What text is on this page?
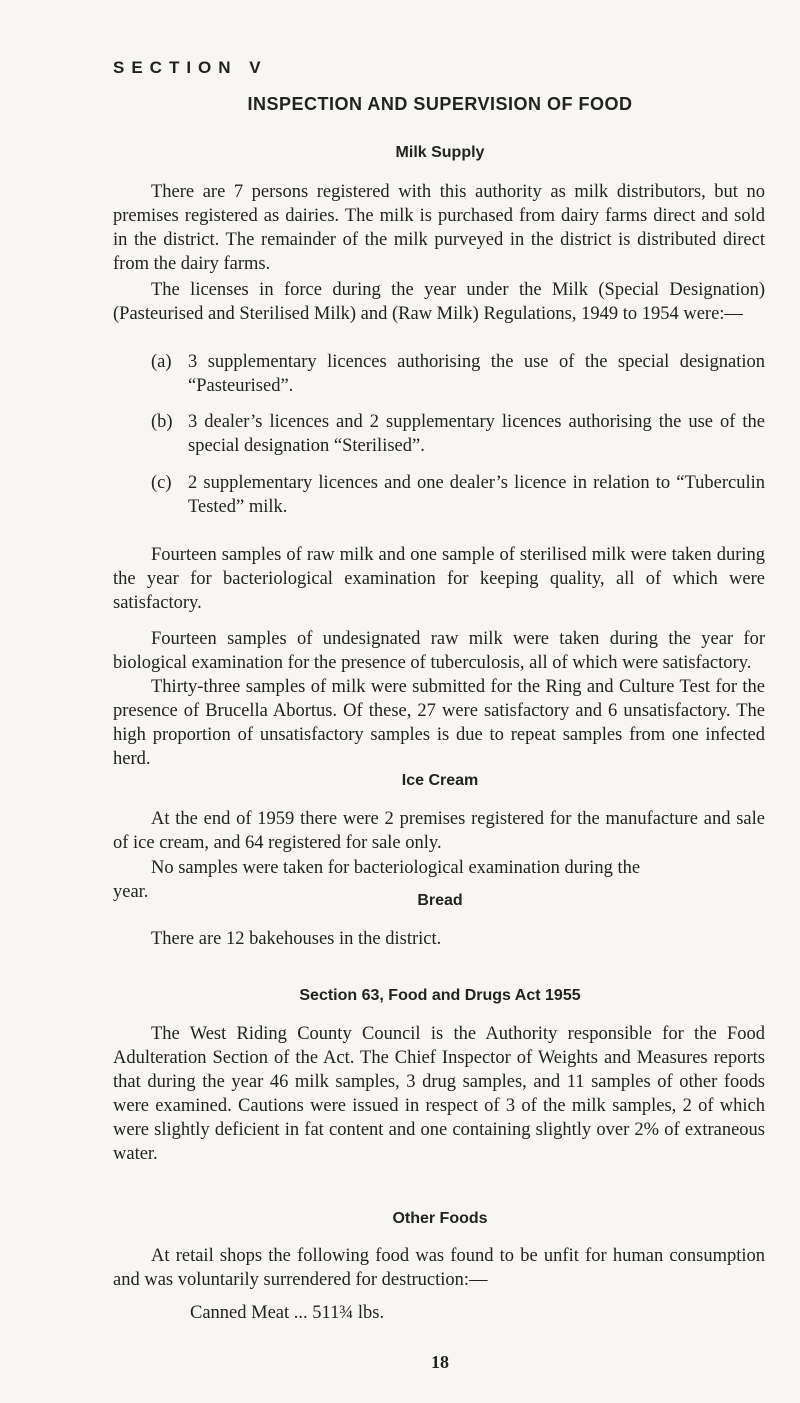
SECTION V
INSPECTION AND SUPERVISION OF FOOD
Milk Supply
There are 7 persons registered with this authority as milk distributors, but no premises registered as dairies. The milk is purchased from dairy farms direct and sold in the district. The remainder of the milk purveyed in the district is distributed direct from the dairy farms.
The licenses in force during the year under the Milk (Special Designation) (Pasteurised and Sterilised Milk) and (Raw Milk) Regulations, 1949 to 1954 were:—
(a) 3 supplementary licences authorising the use of the special designation “Pasteurised”.
(b) 3 dealer’s licences and 2 supplementary licences authorising the use of the special designation “Sterilised”.
(c) 2 supplementary licences and one dealer’s licence in relation to “Tuberculin Tested” milk.
Fourteen samples of raw milk and one sample of sterilised milk were taken during the year for bacteriological examination for keeping quality, all of which were satisfactory.
Fourteen samples of undesignated raw milk were taken during the year for biological examination for the presence of tuberculosis, all of which were satisfactory.
Thirty-three samples of milk were submitted for the Ring and Culture Test for the presence of Brucella Abortus. Of these, 27 were satisfactory and 6 unsatisfactory. The high proportion of unsatisfactory samples is due to repeat samples from one infected herd.
Ice Cream
At the end of 1959 there were 2 premises registered for the manufacture and sale of ice cream, and 64 registered for sale only.
No samples were taken for bacteriological examination during the
year.	Bread
There are 12 bakehouses in the district.
Section 63, Food and Drugs Act 1955
The West Riding County Council is the Authority responsible for the Food Adulteration Section of the Act. The Chief Inspector of Weights and Measures reports that during the year 46 milk samples, 3 drug samples, and 11 samples of other foods were examined. Cautions were issued in respect of 3 of the milk samples, 2 of which were slightly deficient in fat content and one containing slightly over 2% of extraneous water.
Other Foods
At retail shops the following food was found to be unfit for human consumption and was voluntarily surrendered for destruction:—
Canned Meat ... 511¾ lbs.
18
